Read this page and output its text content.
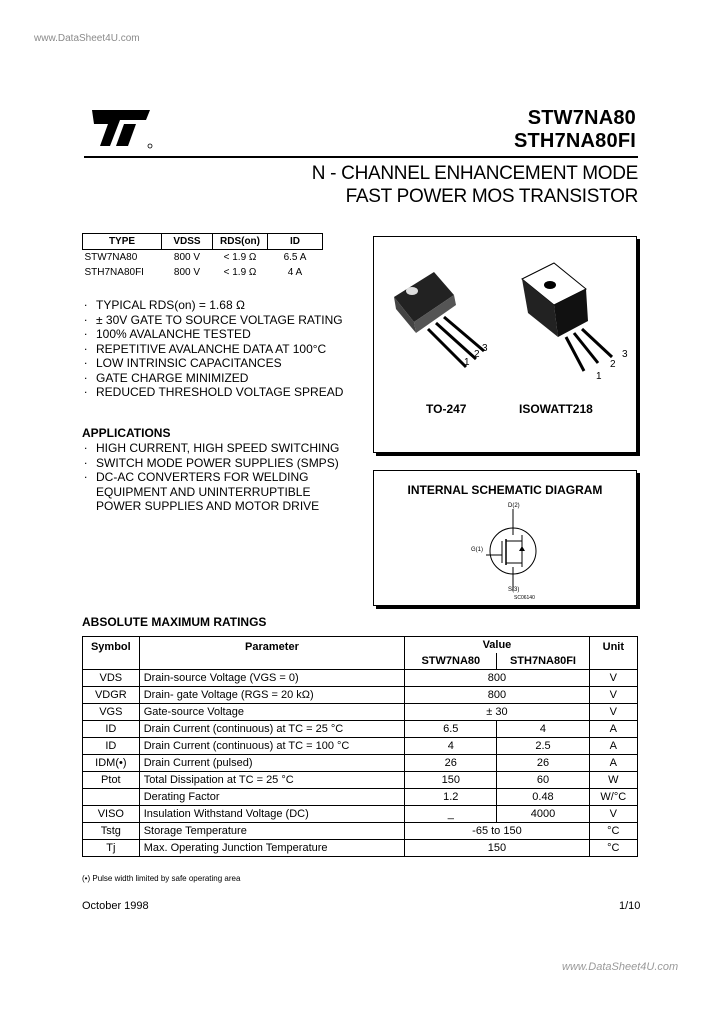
www.DataSheet4U.com
STW7NA80
STH7NA80FI
N - CHANNEL ENHANCEMENT MODE
FAST POWER MOS TRANSISTOR
TYPE	VDSS	RDS(on)	ID
STW7NA80	800 V	< 1.9 Ω	6.5 A
STH7NA80FI	800 V	< 1.9 Ω	4 A
. TYPICAL RDS(on) = 1.68 Ω
. ± 30V GATE TO SOURCE VOLTAGE RATING
. 100% AVALANCHE TESTED
. REPETITIVE AVALANCHE DATA AT 100°C
. LOW INTRINSIC CAPACITANCES
. GATE CHARGE MINIMIZED
. REDUCED THRESHOLD VOLTAGE SPREAD
APPLICATIONS
. HIGH CURRENT, HIGH SPEED SWITCHING
. SWITCH MODE POWER SUPPLIES (SMPS)
. DC-AC CONVERTERS FOR WELDING EQUIPMENT AND UNINTERRUPTIBLE POWER SUPPLIES AND MOTOR DRIVE
1
2
3
1
2
3
TO-247	ISOWATT218
INTERNAL SCHEMATIC DIAGRAM
D(2)
G(1)
S(3)
SC06140
ABSOLUTE MAXIMUM RATINGS
Symbol	Parameter	Value		Unit
		STW7NA80	STH7NA80FI	
VDS	Drain-source Voltage (VGS = 0)	800		V
VDGR	Drain- gate Voltage (RGS = 20 kΩ)	800		V
VGS	Gate-source Voltage	± 30		V
ID	Drain Current (continuous) at TC = 25 °C	6.5	4	A
ID	Drain Current (continuous) at TC = 100 °C	4	2.5	A
IDM(•)	Drain Current (pulsed)	26	26	A
Ptot	Total Dissipation at TC = 25 °C	150	60	W
	Derating Factor	1.2	0.48	W/°C
VISO	Insulation Withstand Voltage (DC)	_	4000	V
Tstg	Storage Temperature	-65 to 150		°C
Tj	Max. Operating Junction Temperature	150		°C
(•) Pulse width limited by safe operating area
October 1998	1/10
www.DataSheet4U.com
